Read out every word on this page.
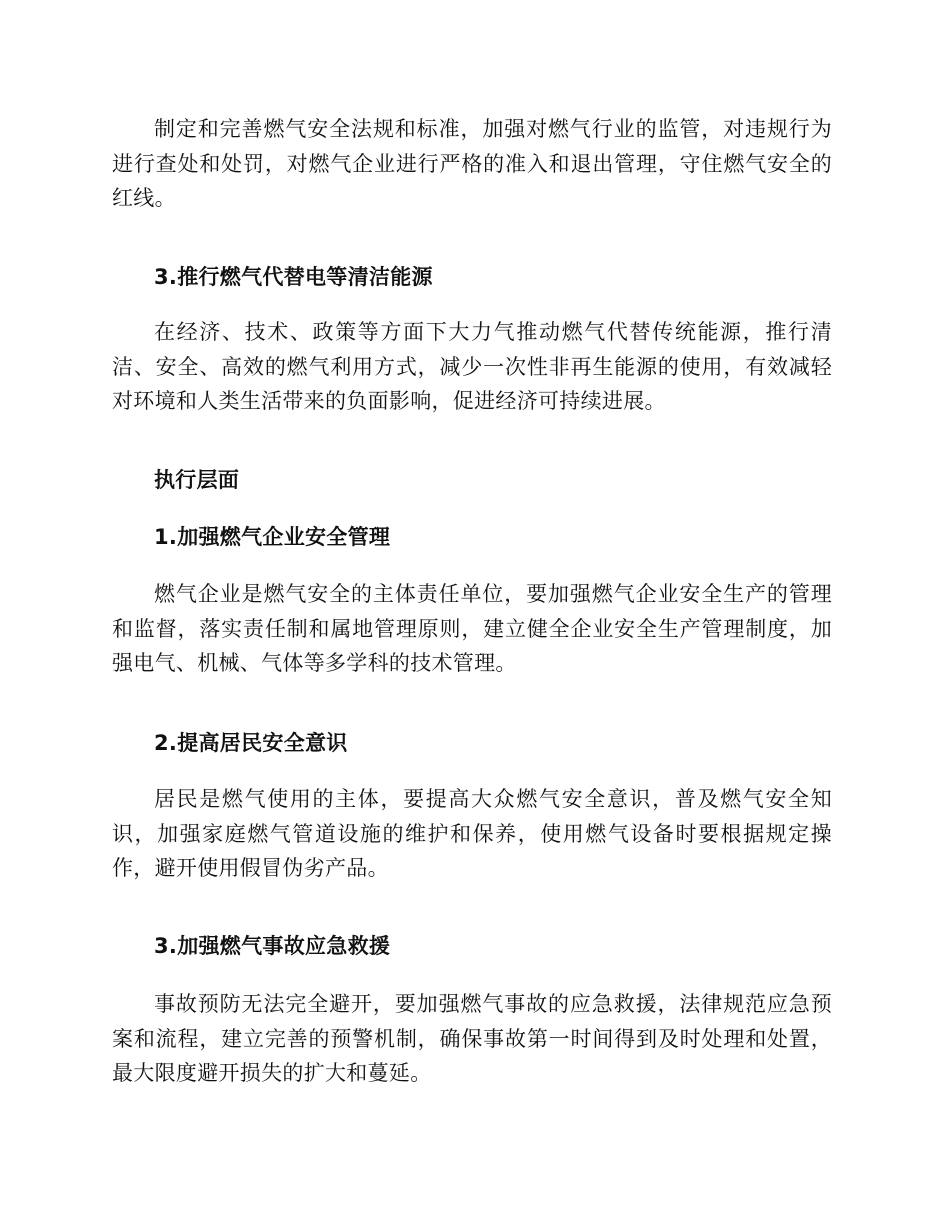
制定和完善燃气安全法规和标准，加强对燃气行业的监管，对违规行为进行查处和处罚，对燃气企业进行严格的准入和退出管理，守住燃气安全的红线。

3.推行燃气代替电等清洁能源

在经济、技术、政策等方面下大力气推动燃气代替传统能源，推行清洁、安全、高效的燃气利用方式，减少一次性非再生能源的使用，有效减轻对环境和人类生活带来的负面影响，促进经济可持续进展。

执行层面
1.加强燃气企业安全管理

燃气企业是燃气安全的主体责任单位，要加强燃气企业安全生产的管理和监督，落实责任制和属地管理原则，建立健全企业安全生产管理制度，加强电气、机械、气体等多学科的技术管理。

2.提高居民安全意识

居民是燃气使用的主体，要提高大众燃气安全意识，普及燃气安全知识，加强家庭燃气管道设施的维护和保养，使用燃气设备时要根据规定操作，避开使用假冒伪劣产品。

3.加强燃气事故应急救援

事故预防无法完全避开，要加强燃气事故的应急救援，法律规范应急预案和流程，建立完善的预警机制，确保事故第一时间得到及时处理和处置，最大限度避开损失的扩大和蔓延。
